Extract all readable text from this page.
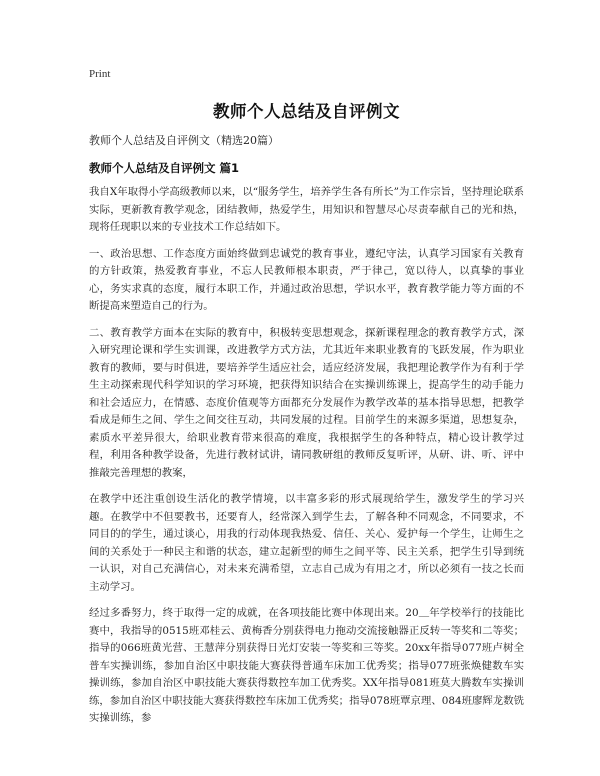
Print
教师个人总结及自评例文
教师个人总结及自评例文（精选20篇）
教师个人总结及自评例文 篇1

我自X年取得小学高级教师以来，以“服务学生，培养学生各有所长”为工作宗旨，坚持理论联系实际，更新教育教学观念，团结教师，热爱学生，用知识和智慧尽心尽责奉献自己的光和热，现将任现职以来的专业技术工作总结如下。

一、政治思想、工作态度方面始终做到忠诚党的教育事业，遵纪守法，认真学习国家有关教育的方针政策，热爱教育事业，不忘人民教师根本职责，严于律己，宽以待人，以真挚的事业心，务实求真的态度，履行本职工作，并通过政治思想，学识水平，教育教学能力等方面的不断提高来塑造自己的行为。

二、教育教学方面本在实际的教育中，积极转变思想观念，探新课程理念的教育教学方式，深入研究理论课和学生实训课，改进教学方式方法，尤其近年来职业教育的飞跃发展，作为职业教育的教师，要与时俱进，要培养学生适应社会，适应经济发展，我把理论教学作为有利于学生主动探索现代科学知识的学习环境，把获得知识结合在实操训练课上，提高学生的动手能力和社会适应力，在情感、态度价值观等方面都充分发展作为教学改革的基本指导思想，把教学看成是师生之间、学生之间交往互动，共同发展的过程。目前学生的来源多渠道，思想复杂，素质水平差异很大，给职业教育带来很高的难度，我根据学生的各种特点，精心设计教学过程，利用各种教学设备，先进行教材试讲，请同教研组的教师反复听评，从研、讲、听、评中推敲完善理想的教案，

在教学中还注重创设生活化的教学情境，以丰富多彩的形式展现给学生，激发学生的学习兴趣。在教学中不但要教书，还要育人，经常深入到学生去，了解各种不同观念，不同要求，不同目的的学生，通过谈心，用我的行动体现我热爱、信任、关心、爱护每一个学生，让师生之间的关系处于一种民主和谐的状态，建立起新型的师生之间平等、民主关系，把学生引导到统一认识，对自己充满信心，对未来充满希望，立志自己成为有用之才，所以必须有一技之长而主动学习。

经过多番努力，终于取得一定的成就，在各项技能比赛中体现出来。20＿年学校举行的技能比赛中，我指导的0515班邓桂云、黄梅香分别获得电力拖动交流接触器正反转一等奖和二等奖；指导的066班黄光营、王慧萍分别获得日光灯安装一等奖和三等奖。20xx年指导077班卢树全普车实操训练，参加自治区中职技能大赛获得普通车床加工优秀奖；指导077班张焕健数车实操训练，参加自治区中职技能大赛获得数控车加工优秀奖。XX年指导081班莫大腾数车实操训练，参加自治区中职技能大赛获得数控车床加工优秀奖；指导078班覃京理、084班廖辉龙数铣实操训练，参
